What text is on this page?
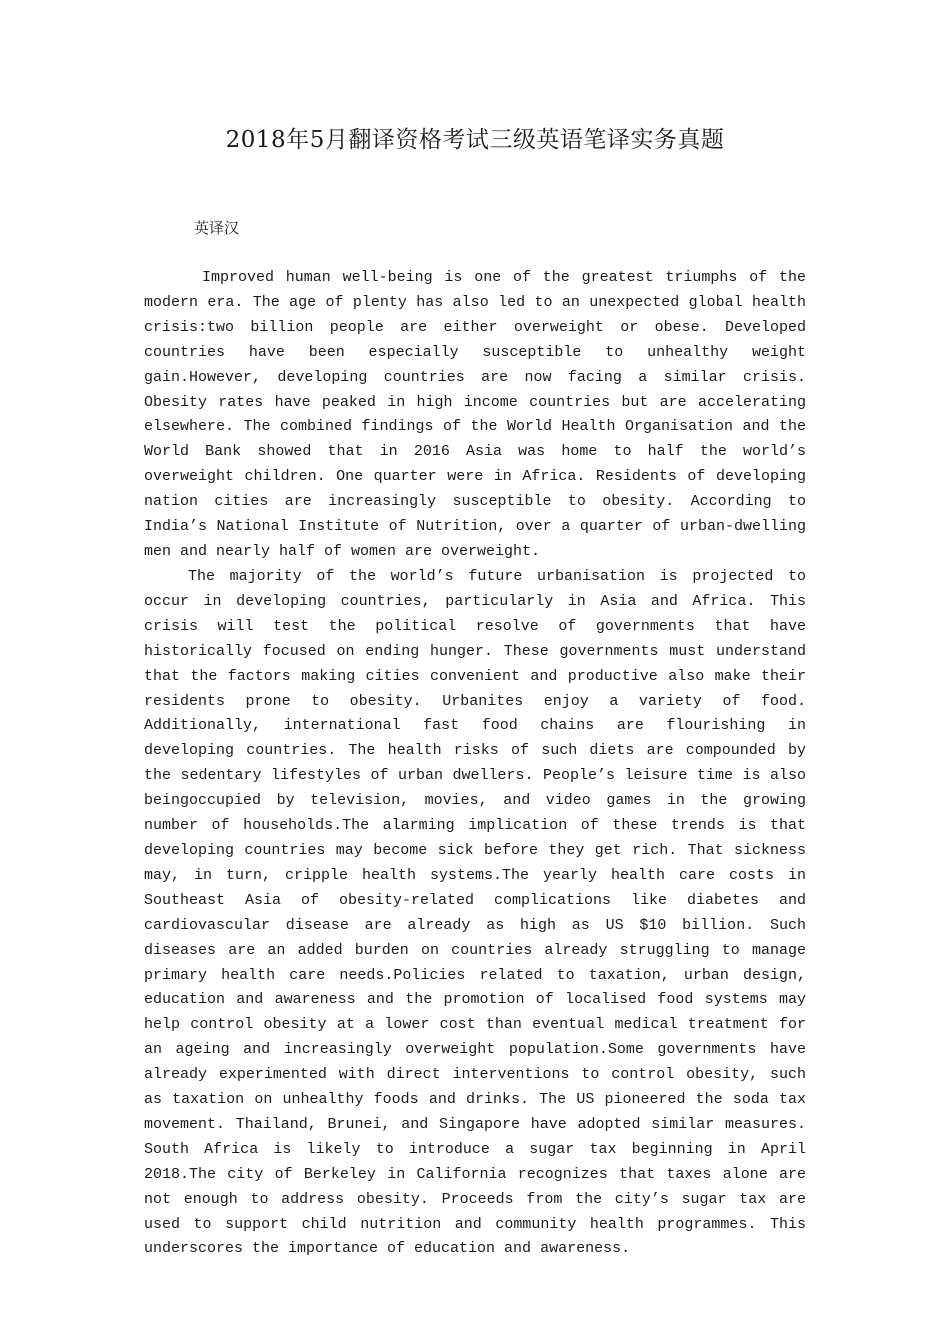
2018年5月翻译资格考试三级英语笔译实务真题
英译汉

Improved human well-being is one of the greatest triumphs of the modern era. The age of plenty has also led to an unexpected global health crisis:two billion people are either overweight or obese. Developed countries have been especially susceptible to unhealthy weight gain.However, developing countries are now facing a similar crisis. Obesity rates have peaked in high income countries but are accelerating elsewhere. The combined findings of the World Health Organisation and the World Bank showed that in 2016 Asia was home to half the world’s overweight children. One quarter were in Africa. Residents of developing nation cities are increasingly susceptible to obesity. According to India’s National Institute of Nutrition, over a quarter of urban-dwelling men and nearly half of women are overweight.

The majority of the world’s future urbanisation is projected to occur in developing countries, particularly in Asia and Africa. This crisis will test the political resolve of governments that have historically focused on ending hunger. These governments must understand that the factors making cities convenient and productive also make their residents prone to obesity. Urbanites enjoy a variety of food. Additionally, international fast food chains are flourishing in developing countries. The health risks of such diets are compounded by the sedentary lifestyles of urban dwellers. People’s leisure time is also beingoccupied by television, movies, and video games in the growing number of households.The alarming implication of these trends is that developing countries may become sick before they get rich. That sickness may, in turn, cripple health systems.The yearly health care costs in Southeast Asia of obesity-related complications like diabetes and cardiovascular disease are already as high as US $10 billion. Such diseases are an added burden on countries already struggling to manage primary health care needs.Policies related to taxation, urban design, education and awareness and the promotion of localised food systems may help control obesity at a lower cost than eventual medical treatment for an ageing and increasingly overweight population.Some governments have already experimented with direct interventions to control obesity, such as taxation on unhealthy foods and drinks. The US pioneered the soda tax movement. Thailand, Brunei, and Singapore have adopted similar measures. South Africa is likely to introduce a sugar tax beginning in April 2018.The city of Berkeley in California recognizes that taxes alone are not enough to address obesity. Proceeds from the city’s sugar tax are used to support child nutrition and community health programmes. This underscores the importance of education and awareness.
